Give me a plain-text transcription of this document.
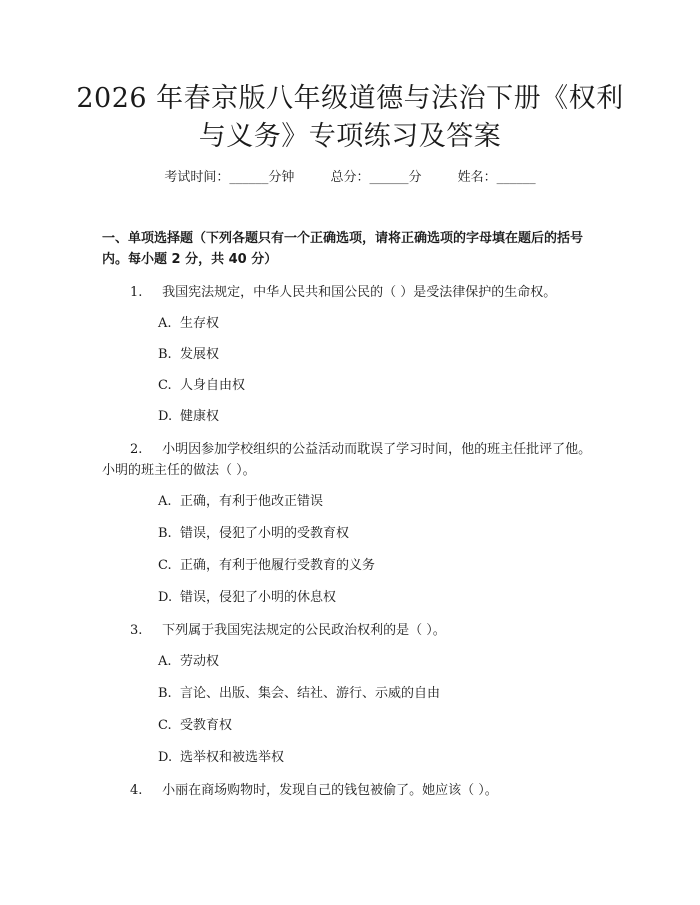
2026 年春京版八年级道德与法治下册《权利
与义务》专项练习及答案
考试时间：______分钟	总分：______分	姓名：______
一、单项选择题（下列各题只有一个正确选项，请将正确选项的字母填在题后的括号内。每小题 2 分，共 40 分）
1. 我国宪法规定，中华人民共和国公民的（ ）是受法律保护的生命权。
A. 生存权
B. 发展权
C. 人身自由权
D. 健康权
2. 小明因参加学校组织的公益活动而耽误了学习时间，他的班主任批评了他。小明的班主任的做法（ ）。
A. 正确，有利于他改正错误
B. 错误，侵犯了小明的受教育权
C. 正确，有利于他履行受教育的义务
D. 错误，侵犯了小明的休息权
3. 下列属于我国宪法规定的公民政治权利的是（ ）。
A. 劳动权
B. 言论、出版、集会、结社、游行、示威的自由
C. 受教育权
D. 选举权和被选举权
4. 小丽在商场购物时，发现自己的钱包被偷了。她应该（ ）。
